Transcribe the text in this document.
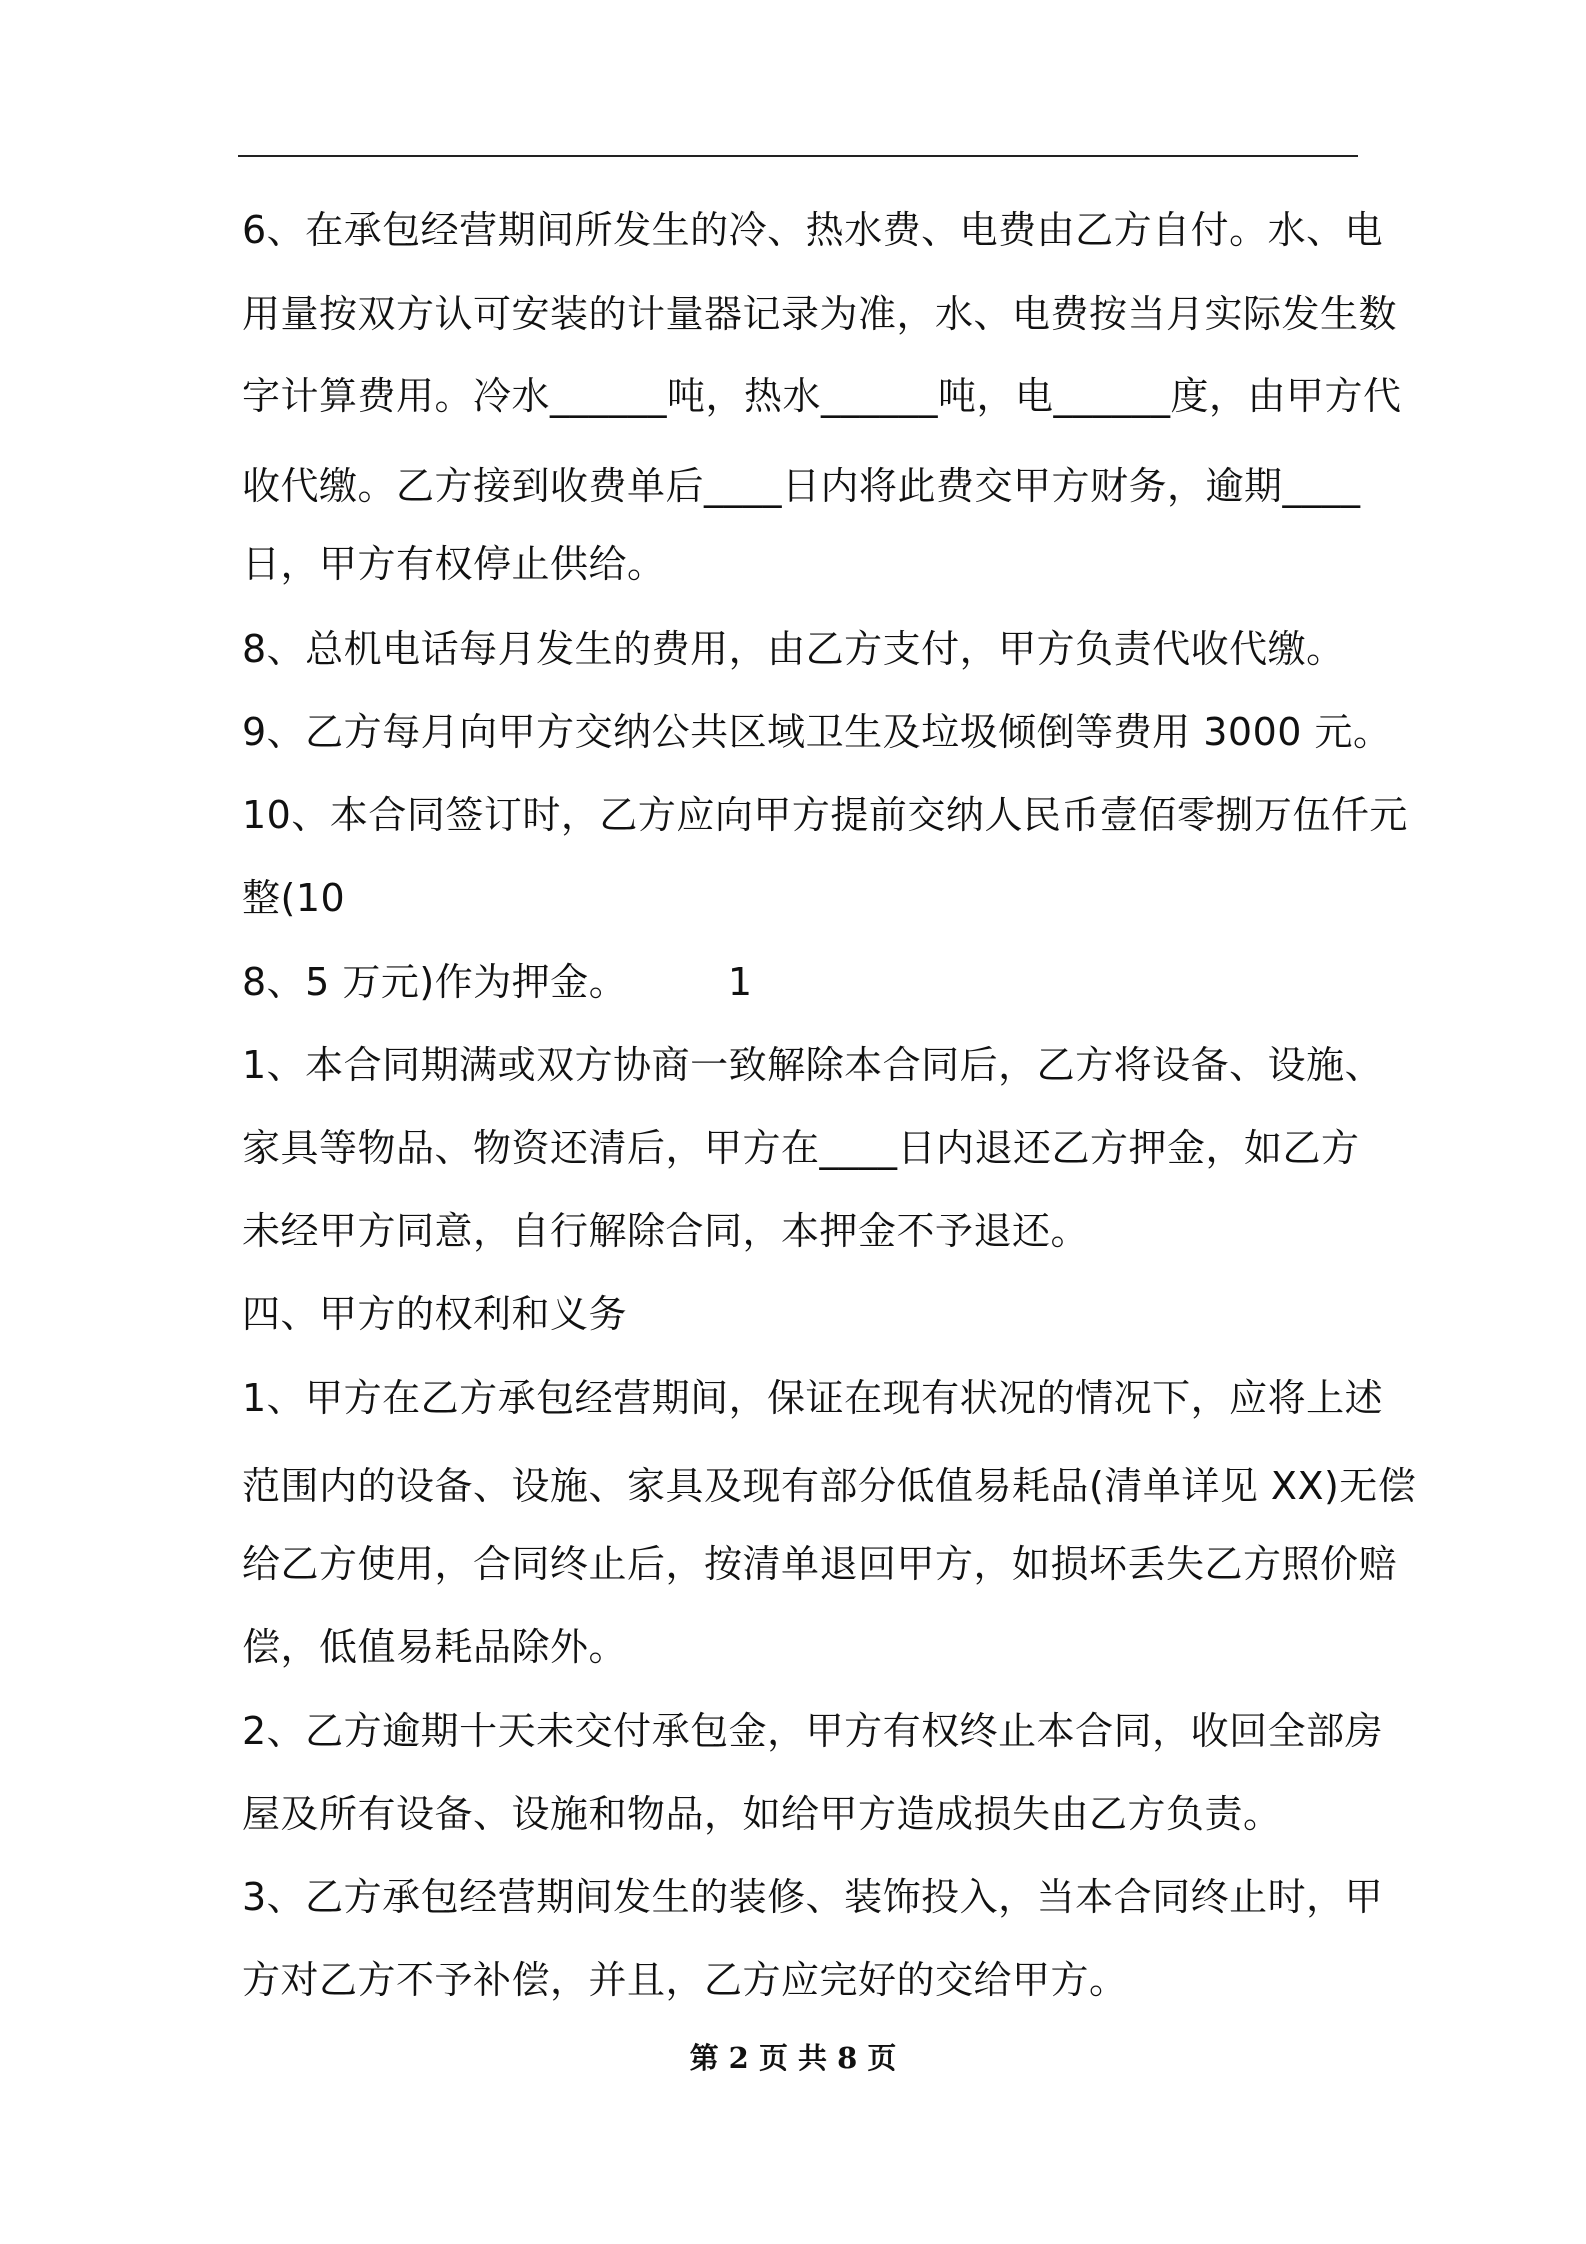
6、在承包经营期间所发生的冷、热水费、电费由乙方自付。水、电
用量按双方认可安装的计量器记录为准，水、电费按当月实际发生数
字计算费用。冷水______吨，热水______吨，电______度，由甲方代
收代缴。乙方接到收费单后____日内将此费交甲方财务，逾期____
日，甲方有权停止供给。
8、总机电话每月发生的费用，由乙方支付，甲方负责代收代缴。
9、乙方每月向甲方交纳公共区域卫生及垃圾倾倒等费用 3000 元。
10、本合同签订时，乙方应向甲方提前交纳人民币壹佰零捌万伍仟元
整(10
8、5 万元)作为押金。        1
1、本合同期满或双方协商一致解除本合同后，乙方将设备、设施、
家具等物品、物资还清后，甲方在____日内退还乙方押金，如乙方
未经甲方同意，自行解除合同，本押金不予退还。
四、甲方的权利和义务
1、甲方在乙方承包经营期间，保证在现有状况的情况下，应将上述
范围内的设备、设施、家具及现有部分低值易耗品(清单详见 XX)无偿
给乙方使用，合同终止后，按清单退回甲方，如损坏丢失乙方照价赔
偿，低值易耗品除外。
2、乙方逾期十天未交付承包金，甲方有权终止本合同，收回全部房
屋及所有设备、设施和物品，如给甲方造成损失由乙方负责。
3、乙方承包经营期间发生的装修、装饰投入，当本合同终止时，甲
方对乙方不予补偿，并且，乙方应完好的交给甲方。
第 2 页 共 8 页
